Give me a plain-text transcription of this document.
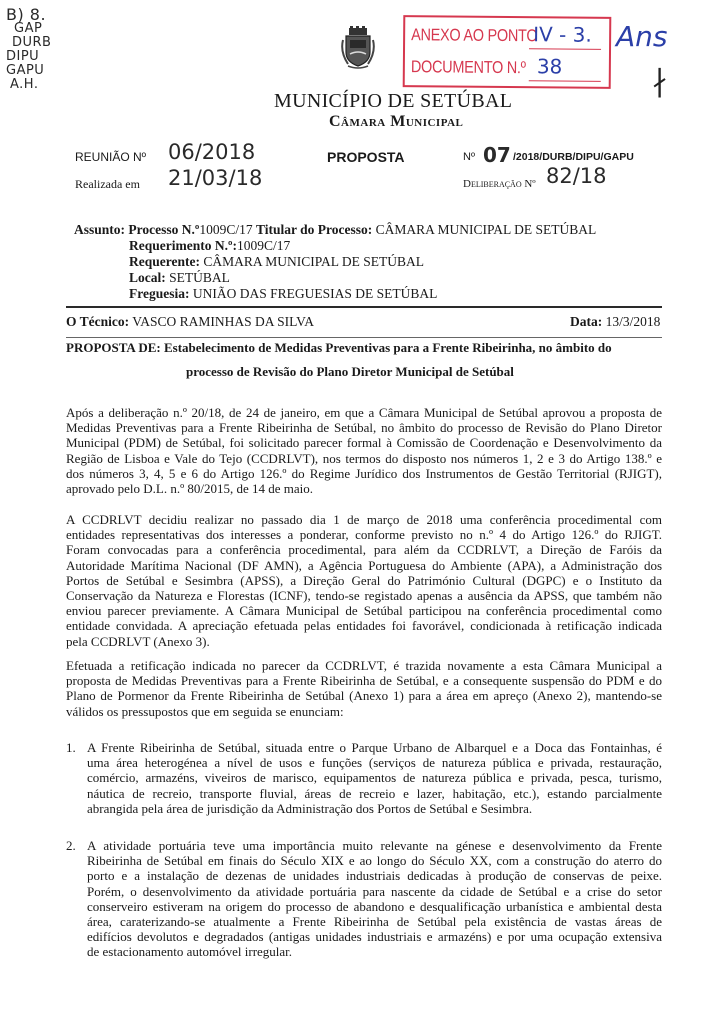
B) 8.
GAP
DURB
DIPU
GAPU
A.H.
ANEXO AO PONTO
IV - 3.
DOCUMENTO N.º 38
Ans
∤
MUNICÍPIO DE SETÚBAL
Câmara Municipal
REUNIÃO Nº 06/2018
Realizada em 21/03/18
PROPOSTA	Nº 07 /2018/DURB/DIPU/GAPU
Deliberação Nº 82/18
Assunto: Processo N.º1009C/17 Titular do Processo: CÂMARA MUNICIPAL DE SETÚBAL
Requerimento N.º:1009C/17
Requerente: CÂMARA MUNICIPAL DE SETÚBAL
Local: SETÚBAL
Freguesia: UNIÃO DAS FREGUESIAS DE SETÚBAL
O Técnico: VASCO RAMINHAS DA SILVA	Data: 13/3/2018
PROPOSTA DE: Estabelecimento de Medidas Preventivas para a Frente Ribeirinha, no âmbito do
processo de Revisão do Plano Diretor Municipal de Setúbal
Após a deliberação n.º 20/18, de 24 de janeiro, em que a Câmara Municipal de Setúbal aprovou a proposta de
Medidas Preventivas para a Frente Ribeirinha de Setúbal, no âmbito do processo de Revisão do Plano Diretor
Municipal (PDM) de Setúbal, foi solicitado parecer formal à Comissão de Coordenação e Desenvolvimento da
Região de Lisboa e Vale do Tejo (CCDRLVT), nos termos do disposto nos números 1, 2 e 3 do Artigo 138.º e
dos números 3, 4, 5 e 6 do Artigo 126.º do Regime Jurídico dos Instrumentos de Gestão Territorial (RJIGT),
aprovado pelo D.L. n.º 80/2015, de 14 de maio.
A CCDRLVT decidiu realizar no passado dia 1 de março de 2018 uma conferência procedimental com
entidades representativas dos interesses a ponderar, conforme previsto no n.º 4 do Artigo 126.º do RJIGT.
Foram convocadas para a conferência procedimental, para além da CCDRLVT, a Direção de Faróis da
Autoridade Marítima Nacional (DF AMN), a Agência Portuguesa do Ambiente (APA), a Administração dos
Portos de Setúbal e Sesimbra (APSS), a Direção Geral do Património Cultural (DGPC) e o Instituto da
Conservação da Natureza e Florestas (ICNF), tendo-se registado apenas a ausência da APSS, que também não
enviou parecer previamente. A Câmara Municipal de Setúbal participou na conferência procedimental como
entidade convidada. A apreciação efetuada pelas entidades foi favorável, condicionada à retificação indicada
pela CCDRLVT (Anexo 3).
Efetuada a retificação indicada no parecer da CCDRLVT, é trazida novamente a esta Câmara Municipal a
proposta de Medidas Preventivas para a Frente Ribeirinha de Setúbal, e a consequente suspensão do PDM e do
Plano de Pormenor da Frente Ribeirinha de Setúbal (Anexo 1) para a área em apreço (Anexo 2), mantendo-se
válidos os pressupostos que em seguida se enunciam:
1. A Frente Ribeirinha de Setúbal, situada entre o Parque Urbano de Albarquel e a Doca das Fontainhas, é
uma área heterogénea a nível de usos e funções (serviços de natureza pública e privada, restauração,
comércio, armazéns, viveiros de marisco, equipamentos de natureza pública e privada, pesca, turismo,
náutica de recreio, transporte fluvial, áreas de recreio e lazer, habitação, etc.), estando parcialmente
abrangida pela área de jurisdição da Administração dos Portos de Setúbal e Sesimbra.
2. A atividade portuária teve uma importância muito relevante na génese e desenvolvimento da Frente
Ribeirinha de Setúbal em finais do Século XIX e ao longo do Século XX, com a construção do aterro do
porto e a instalação de dezenas de unidades industriais dedicadas à produção de conservas de peixe.
Porém, o desenvolvimento da atividade portuária para nascente da cidade de Setúbal e a crise do setor
conserveiro estiveram na origem do processo de abandono e desqualificação urbanística e ambiental desta
área, caraterizando-se atualmente a Frente Ribeirinha de Setúbal pela existência de vastas áreas de
edifícios devolutos e degradados (antigas unidades industriais e armazéns) e por uma ocupação extensiva
de estacionamento automóvel irregular.
